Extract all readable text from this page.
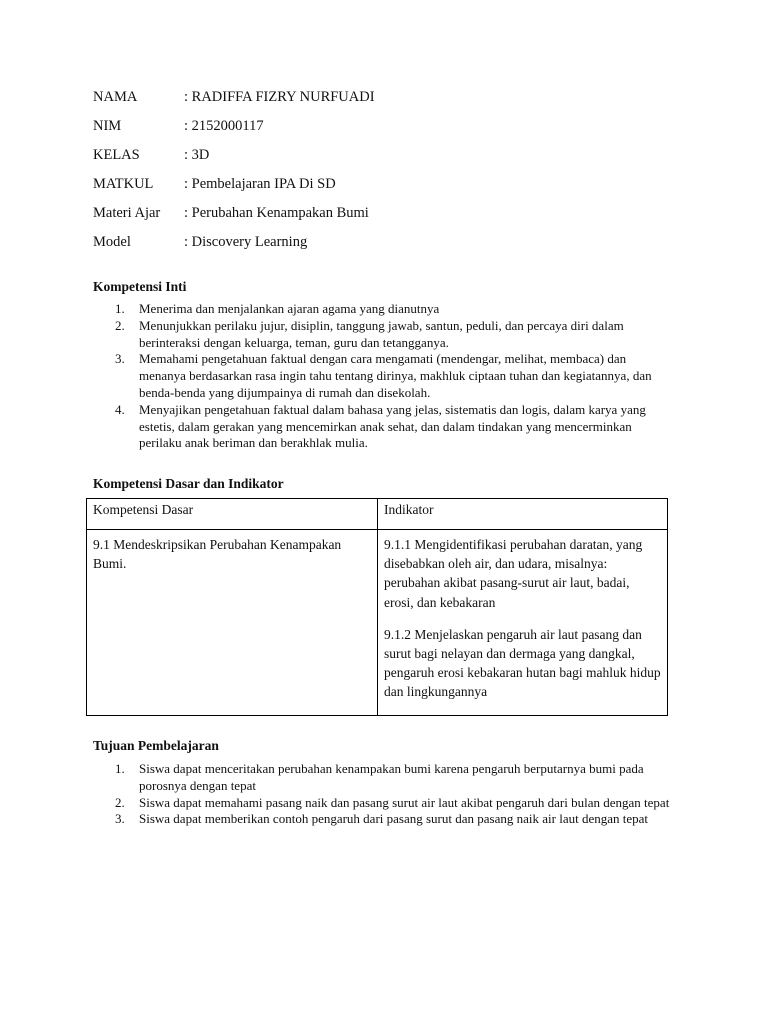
NAMA	: RADIFFA FIZRY NURFUADI
NIM	: 2152000117
KELAS	: 3D
MATKUL	: Pembelajaran IPA Di SD
Materi Ajar	: Perubahan Kenampakan Bumi
Model	: Discovery Learning
Kompetensi Inti
1.	Menerima dan menjalankan ajaran agama yang dianutnya
2.	Menunjukkan perilaku jujur, disiplin, tanggung jawab, santun, peduli, dan percaya diri dalam berinteraksi dengan keluarga, teman, guru dan tetangganya.
3.	Memahami pengetahuan faktual dengan cara mengamati (mendengar, melihat, membaca) dan menanya berdasarkan rasa ingin tahu tentang dirinya, makhluk ciptaan tuhan dan kegiatannya, dan benda-benda yang dijumpainya di rumah dan disekolah.
4.	Menyajikan pengetahuan faktual dalam bahasa yang jelas, sistematis dan logis, dalam karya yang estetis, dalam gerakan yang mencemirkan anak sehat, dan dalam tindakan yang mencerminkan perilaku anak beriman dan berakhlak mulia.
Kompetensi Dasar dan Indikator
Kompetensi Dasar	Indikator
9.1 Mendeskripsikan Perubahan Kenampakan Bumi.	9.1.1 Mengidentifikasi perubahan daratan, yang disebabkan oleh air, dan udara, misalnya: perubahan akibat pasang-surut air laut, badai, erosi, dan kebakaran

9.1.2 Menjelaskan pengaruh air laut pasang dan surut bagi nelayan dan dermaga yang dangkal, pengaruh erosi kebakaran hutan bagi mahluk hidup dan lingkungannya

Tujuan Pembelajaran
1.	Siswa dapat menceritakan perubahan kenampakan bumi karena pengaruh berputarnya bumi pada porosnya dengan tepat
2.	Siswa dapat memahami pasang naik dan pasang surut air laut akibat pengaruh dari bulan dengan tepat
3.	Siswa dapat memberikan contoh pengaruh dari pasang surut dan pasang naik air laut dengan tepat
